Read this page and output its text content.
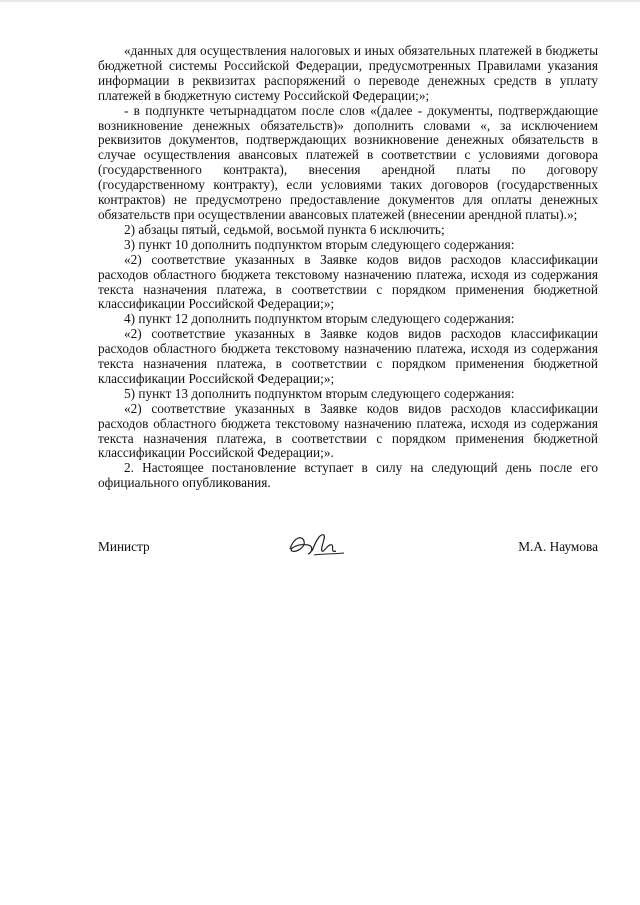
«данных для осуществления налоговых и иных обязательных платежей в бюджеты бюджетной системы Российской Федерации, предусмотренных Правилами указания информации в реквизитах распоряжений о переводе денежных средств в уплату платежей в бюджетную систему Российской Федерации;»;

- в подпункте четырнадцатом после слов «(далее - документы, подтверждающие возникновение денежных обязательств)» дополнить словами «, за исключением реквизитов документов, подтверждающих возникновение денежных обязательств в случае осуществления авансовых платежей в соответствии с условиями договора (государственного контракта), внесения арендной платы по договору (государственному контракту), если условиями таких договоров (государственных контрактов) не предусмотрено предоставление документов для оплаты денежных обязательств при осуществлении авансовых платежей (внесении арендной платы).»;

2) абзацы пятый, седьмой, восьмой пункта 6 исключить;

3) пункт 10 дополнить подпунктом вторым следующего содержания:

«2) соответствие указанных в Заявке кодов видов расходов классификации расходов областного бюджета текстовому назначению платежа, исходя из содержания текста назначения платежа, в соответствии с порядком применения бюджетной классификации Российской Федерации;»;

4) пункт 12 дополнить подпунктом вторым следующего содержания:

«2) соответствие указанных в Заявке кодов видов расходов классификации расходов областного бюджета текстовому назначению платежа, исходя из содержания текста назначения платежа, в соответствии с порядком применения бюджетной классификации Российской Федерации;»;

5) пункт 13 дополнить подпунктом вторым следующего содержания:

«2) соответствие указанных в Заявке кодов видов расходов классификации расходов областного бюджета текстовому назначению платежа, исходя из содержания текста назначения платежа, в соответствии с порядком применения бюджетной классификации Российской Федерации;».

2. Настоящее постановление вступает в силу на следующий день после его официального опубликования.

Министр	М.А. Наумова
